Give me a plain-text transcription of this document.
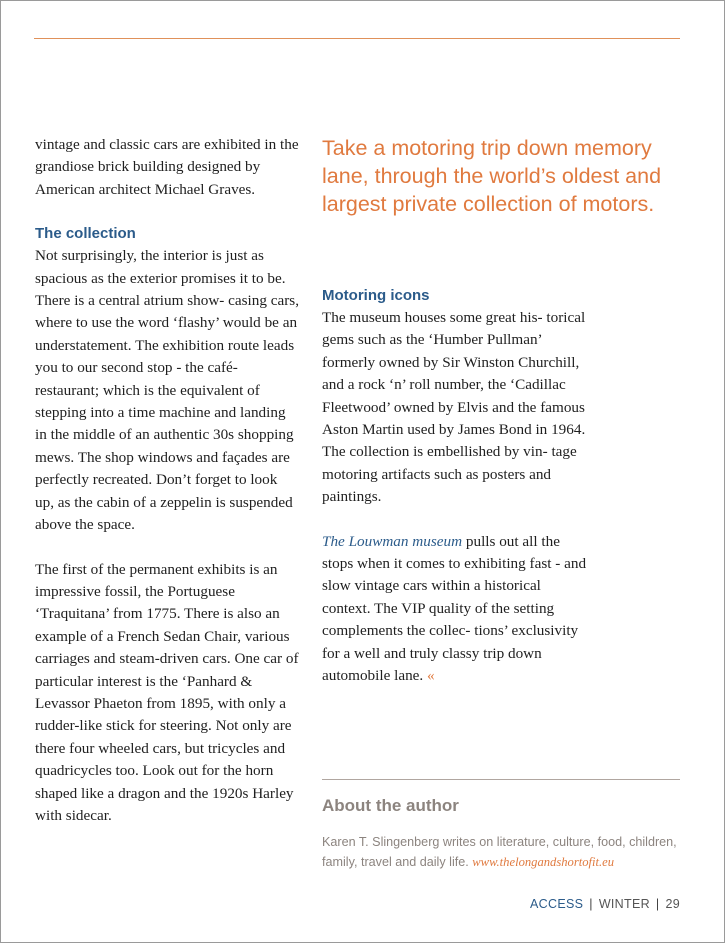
vintage and classic cars are exhibited in the grandiose brick building designed by American architect Michael Graves.

The collection

Not surprisingly, the interior is just as spacious as the exterior promises it to be. There is a central atrium show- casing cars, where to use the word ‘flashy’ would be an understatement. The exhibition route leads you to our second stop - the café-restaurant; which is the equivalent of stepping into a time machine and landing in the middle of an authentic 30s shopping mews. The shop windows and façades are perfectly recreated. Don’t forget to look up, as the cabin of a zeppelin is suspended above the space.

The first of the permanent exhibits is an impressive fossil, the Portuguese ‘Traquitana’ from 1775. There is also an example of a French Sedan Chair, various carriages and steam-driven cars. One car of particular interest is the ‘Panhard & Levassor Phaeton from 1895, with only a rudder-like stick for steering. Not only are there four wheeled cars, but tricycles and quadricycles too. Look out for the horn shaped like a dragon and the 1920s Harley with sidecar.

Take a motoring trip down memory lane, through the world’s oldest and largest private collection of motors.

Motoring icons

The museum houses some great his- torical gems such as the ‘Humber Pullman’ formerly owned by Sir Winston Churchill, and a rock ‘n’ roll number, the ‘Cadillac Fleetwood’ owned by Elvis and the famous Aston Martin used by James Bond in 1964. The collection is embellished by vin- tage motoring artifacts such as posters and paintings.

The Louwman museum pulls out all the stops when it comes to exhibiting fast - and slow vintage cars within a historical context. The VIP quality of the setting complements the collec- tions’ exclusivity for a well and truly classy trip down automobile lane. «

About the author

Karen T. Slingenberg writes on literature, culture, food, children, family, travel and daily life. www.thelongandshortofit.eu

ACCESS | WINTER | 29
